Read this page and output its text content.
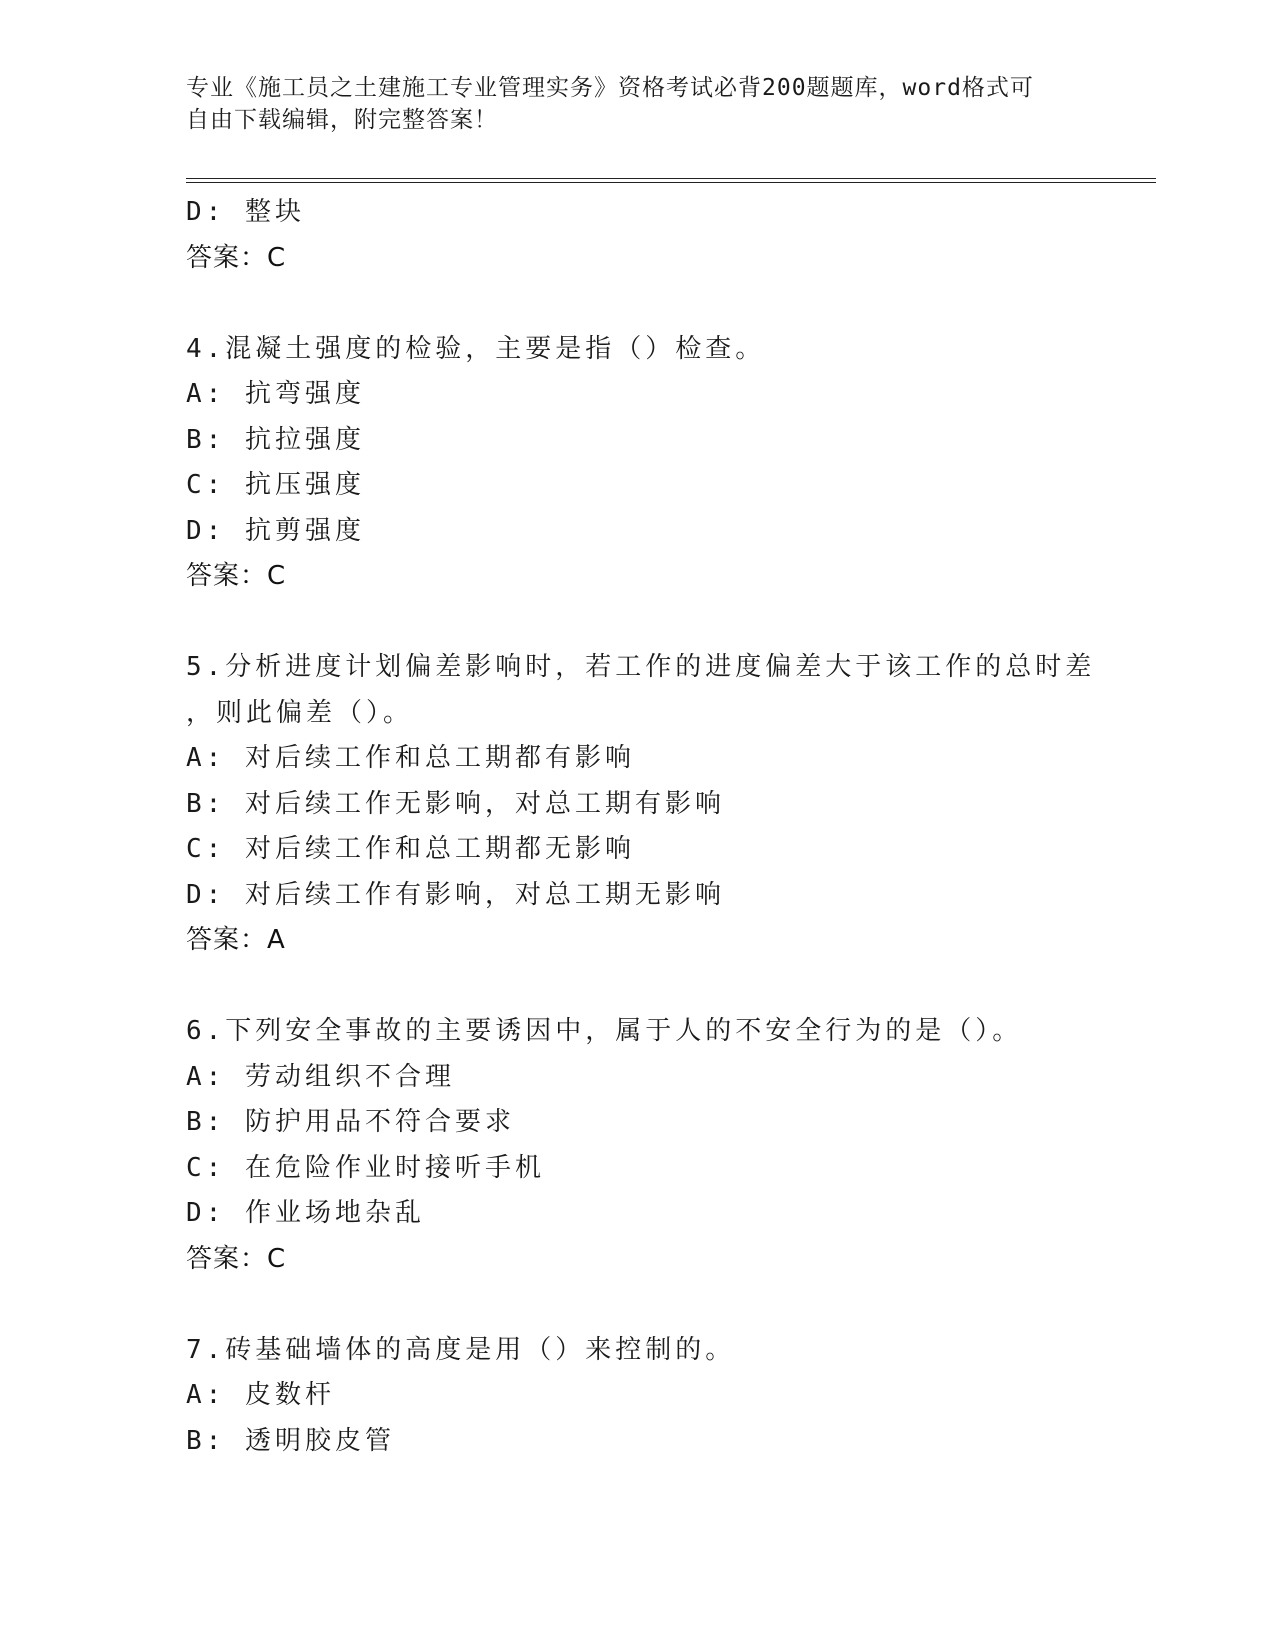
专业《施工员之土建施工专业管理实务》资格考试必背200题题库，word格式可
自由下载编辑，附完整答案！
D: 整块
答案：C
4.混凝土强度的检验，主要是指（）检查。
A: 抗弯强度
B: 抗拉强度
C: 抗压强度
D: 抗剪强度
答案：C
5.分析进度计划偏差影响时，若工作的进度偏差大于该工作的总时差
，则此偏差（）。
A: 对后续工作和总工期都有影响
B: 对后续工作无影响，对总工期有影响
C: 对后续工作和总工期都无影响
D: 对后续工作有影响，对总工期无影响
答案：A
6.下列安全事故的主要诱因中，属于人的不安全行为的是（）。
A: 劳动组织不合理
B: 防护用品不符合要求
C: 在危险作业时接听手机
D: 作业场地杂乱
答案：C
7.砖基础墙体的高度是用（）来控制的。
A: 皮数杆
B: 透明胶皮管
